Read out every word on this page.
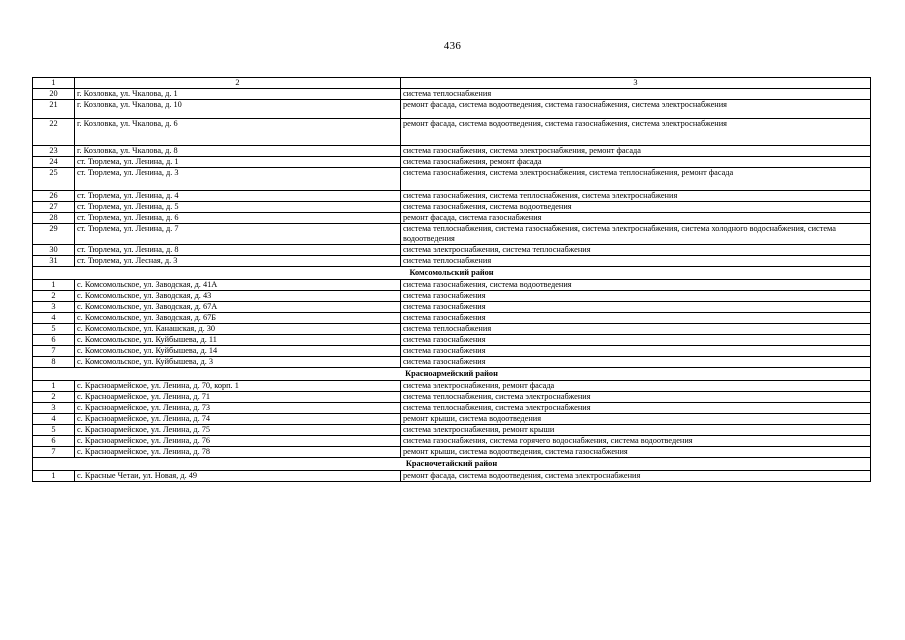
436
1	2	3
20	г. Козловка, ул. Чкалова, д. 1	система теплоснабжения
21	г. Козловка, ул. Чкалова, д. 10	ремонт фасада, система водоотведения, система газоснабжения, система электроснабжения
22	г. Козловка, ул. Чкалова, д. 6	ремонт фасада, система водоотведения, система газоснабжения, система электроснабжения
23	г. Козловка, ул. Чкалова, д. 8	система газоснабжения, система электроснабжения, ремонт фасада
24	ст. Тюрлема, ул. Ленина, д. 1	система газоснабжения, ремонт фасада
25	ст. Тюрлема, ул. Ленина, д. 3	система газоснабжения, система электроснабжения, система теплоснабжения, ремонт фасада
26	ст. Тюрлема, ул. Ленина, д. 4	система газоснабжения, система теплоснабжения, система электроснабжения
27	ст. Тюрлема, ул. Ленина, д. 5	система газоснабжения, система водоотведения
28	ст. Тюрлема, ул. Ленина, д. 6	ремонт фасада, система газоснабжения
29	ст. Тюрлема, ул. Ленина, д. 7	система теплоснабжения, система газоснабжения, система электроснабжения, система холодного водоснабжения, система водоотведения
30	ст. Тюрлема, ул. Ленина, д. 8	система электроснабжения, система теплоснабжения
31	ст. Тюрлема, ул. Лесная, д. 3	система теплоснабжения
Комсомольский район		
1	с. Комсомольское, ул. Заводская, д. 41А	система газоснабжения, система водоотведения
2	с. Комсомольское, ул. Заводская, д. 43	система газоснабжения
3	с. Комсомольское, ул. Заводская, д. 67А	система газоснабжения
4	с. Комсомольское, ул. Заводская, д. 67Б	система газоснабжения
5	с. Комсомольское, ул. Канашская, д. 30	система теплоснабжения
6	с. Комсомольское, ул. Куйбышева, д. 11	система газоснабжения
7	с. Комсомольское, ул. Куйбышева, д. 14	система газоснабжения
8	с. Комсомольское, ул. Куйбышева, д. 3	система газоснабжения
Красноармейский район		
1	с. Красноармейское, ул. Ленина, д. 70, корп. 1	система электроснабжения, ремонт фасада
2	с. Красноармейское, ул. Ленина, д. 71	система теплоснабжения, система электроснабжения
3	с. Красноармейское, ул. Ленина, д. 73	система теплоснабжения, система электроснабжения
4	с. Красноармейское, ул. Ленина, д. 74	ремонт крыши, система водоотведения
5	с. Красноармейское, ул. Ленина, д. 75	система электроснабжения, ремонт крыши
6	с. Красноармейское, ул. Ленина, д. 76	система газоснабжения, система горячего водоснабжения, система водоотведения
7	с. Красноармейское, ул. Ленина, д. 78	ремонт крыши, система водоотведения, система газоснабжения
Красночетайский район		
1	с. Красные Четаи, ул. Новая, д. 49	ремонт фасада, система водоотведения, система электроснабжения
